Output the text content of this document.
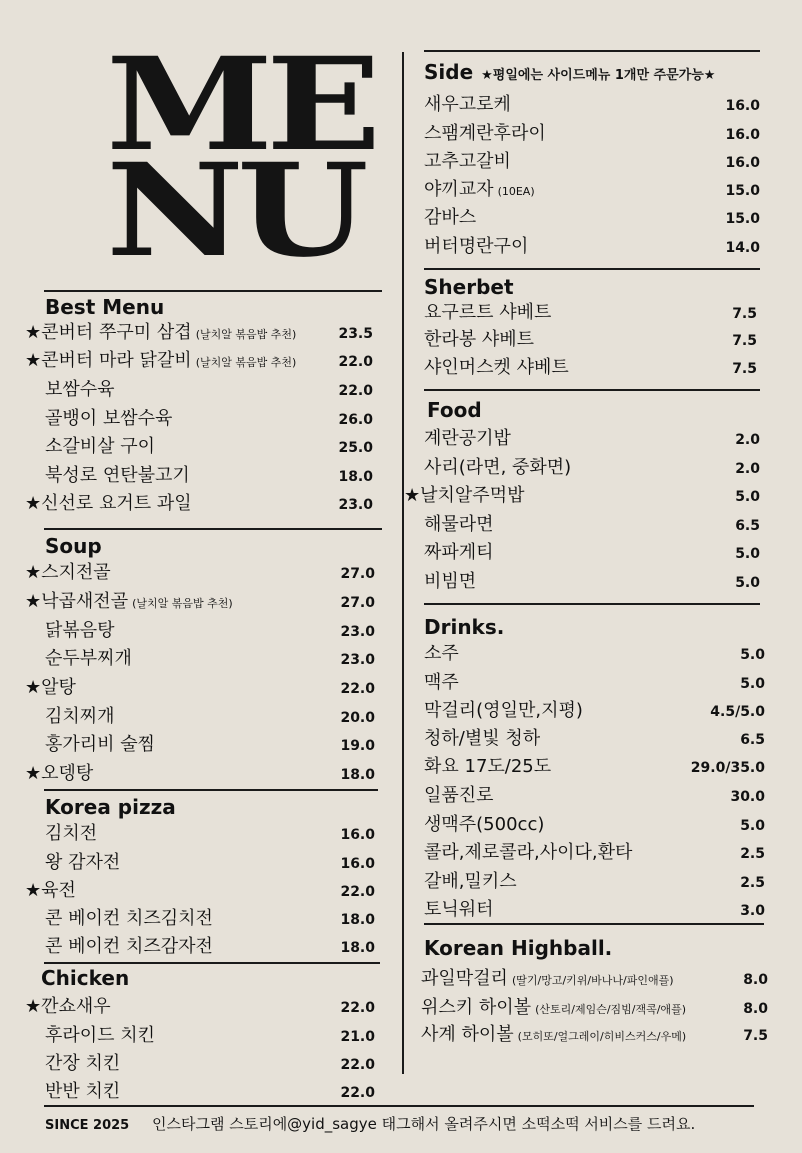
ME
NU
Best Menu
Soup
Korea pizza
Chicken
Side ★평일에는 사이드메뉴 1개만 주문가능★
Sherbet
Food
Drinks.
Korean Highball.
SINCE 2025 인스타그램 스토리에@yid_sagye 태그해서 올려주시면 소떡소떡 서비스를 드려요.
★콘버터 쭈구미 삼겹 (날치알 볶음밥 추천)	23.5
★콘버터 마라 닭갈비 (날치알 볶음밥 추천)	22.0
보쌈수육	22.0
골뱅이 보쌈수육	26.0
소갈비살 구이	25.0
북성로 연탄불고기	18.0
★신선로 요거트 과일	23.0
★스지전골	27.0
★낙곱새전골 (날치알 볶음밥 추천)	27.0
닭볶음탕	23.0
순두부찌개	23.0
★알탕	22.0
김치찌개	20.0
홍가리비 술찜	19.0
★오뎅탕	18.0
김치전	16.0
왕 감자전	16.0
★육전	22.0
콘 베이컨 치즈김치전	18.0
콘 베이컨 치즈감자전	18.0
★깐쇼새우	22.0
후라이드 치킨	21.0
간장 치킨	22.0
반반 치킨	22.0
새우고로케	16.0
스팸계란후라이	16.0
고추고갈비	16.0
야끼교자 (10EA)	15.0
감바스	15.0
버터명란구이	14.0
요구르트 샤베트	7.5
한라봉 샤베트	7.5
샤인머스켓 샤베트	7.5
계란공기밥	2.0
사리(라면, 중화면)	2.0
★날치알주먹밥	5.0
해물라면	6.5
짜파게티	5.0
비빔면	5.0
소주	5.0
맥주	5.0
막걸리(영일만,지평)	4.5/5.0
청하/별빛 청하	6.5
화요 17도/25도	29.0/35.0
일품진로	30.0
생맥주(500cc)	5.0
콜라,제로콜라,사이다,환타	2.5
갈배,밀키스	2.5
토닉워터	3.0
과일막걸리 (딸기/망고/키위/바나나/파인애플)	8.0
위스키 하이볼 (산토리/제임슨/짐빔/잭콕/애플)	8.0
사계 하이볼 (모히또/얼그레이/히비스커스/우메)	7.5
